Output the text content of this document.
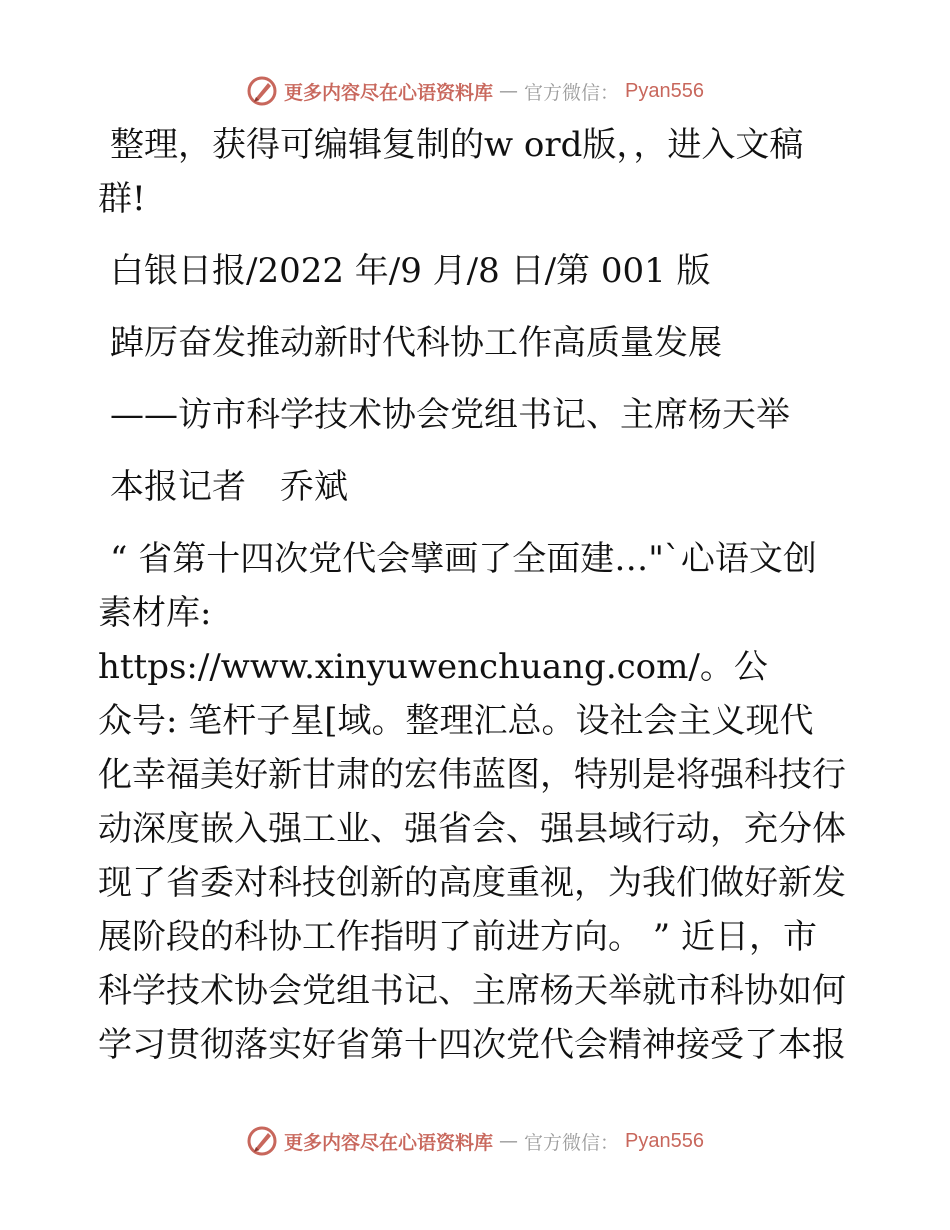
更多内容尽在心语资料库 — 官方微信： Pyan556

整理，获得可编辑复制的w ord版，，进入文稿

群!

白银日报/2022 年/9 月/8 日/第 001 版

踔厉奋发推动新时代科协工作高质量发展

——访市科学技术协会党组书记、主席杨天举

本报记者　乔斌

“ 省第十四次党代会擘画了全面建…"`心语文创

素材库: https://www.xinyuwenchuang.com/。公

众号: 笔杆子星[域。整理汇总。设社会主义现代

化幸福美好新甘肃的宏伟蓝图，特别是将强科技行

动深度嵌入强工业、强省会、强县域行动，充分体

现了省委对科技创新的高度重视，为我们做好新发

展阶段的科协工作指明了前进方向。 ” 近日，市

科学技术协会党组书记、主席杨天举就市科协如何

学习贯彻落实好省第十四次党代会精神接受了本报

更多内容尽在心语资料库 — 官方微信： Pyan556
